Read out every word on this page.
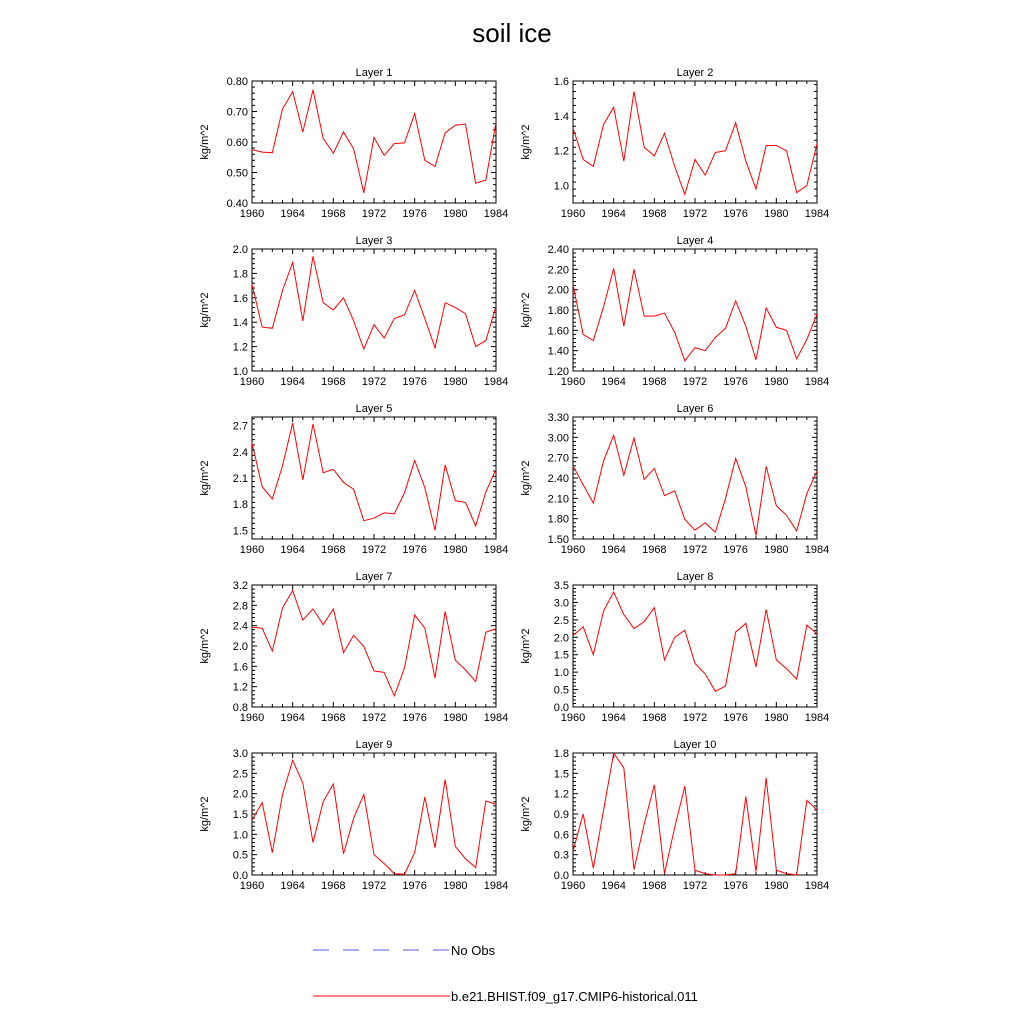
soil ice
Layer 1
kg/m^2
1960 1964 1968 1972 1976 1980 1984
0.40
0.50
0.60
0.70
0.80
Layer 2
kg/m^2
1960 1964 1968 1972 1976 1980 1984
1.0
1.2
1.4
1.6
Layer 3
kg/m^2
1960 1964 1968 1972 1976 1980 1984
1.0
1.2
1.4
1.6
1.8
2.0
Layer 4
kg/m^2
1960 1964 1968 1972 1976 1980 1984
1.20
1.40
1.60
1.80
2.00
2.20
2.40
Layer 5
kg/m^2
1960 1964 1968 1972 1976 1980 1984
1.5
1.8
2.1
2.4
2.7
Layer 6
kg/m^2
1960 1964 1968 1972 1976 1980 1984
1.50
1.80
2.10
2.40
2.70
3.00
3.30
Layer 7
kg/m^2
1960 1964 1968 1972 1976 1980 1984
0.8
1.2
1.6
2.0
2.4
2.8
3.2
Layer 8
kg/m^2
1960 1964 1968 1972 1976 1980 1984
0.0
0.5
1.0
1.5
2.0
2.5
3.0
3.5
Layer 9
kg/m^2
1960 1964 1968 1972 1976 1980 1984
0.0
0.5
1.0
1.5
2.0
2.5
3.0
Layer 10
kg/m^2
1960 1964 1968 1972 1976 1980 1984
0.0
0.3
0.6
0.9
1.2
1.5
1.8
No Obs
b.e21.BHIST.f09_g17.CMIP6-historical.011
